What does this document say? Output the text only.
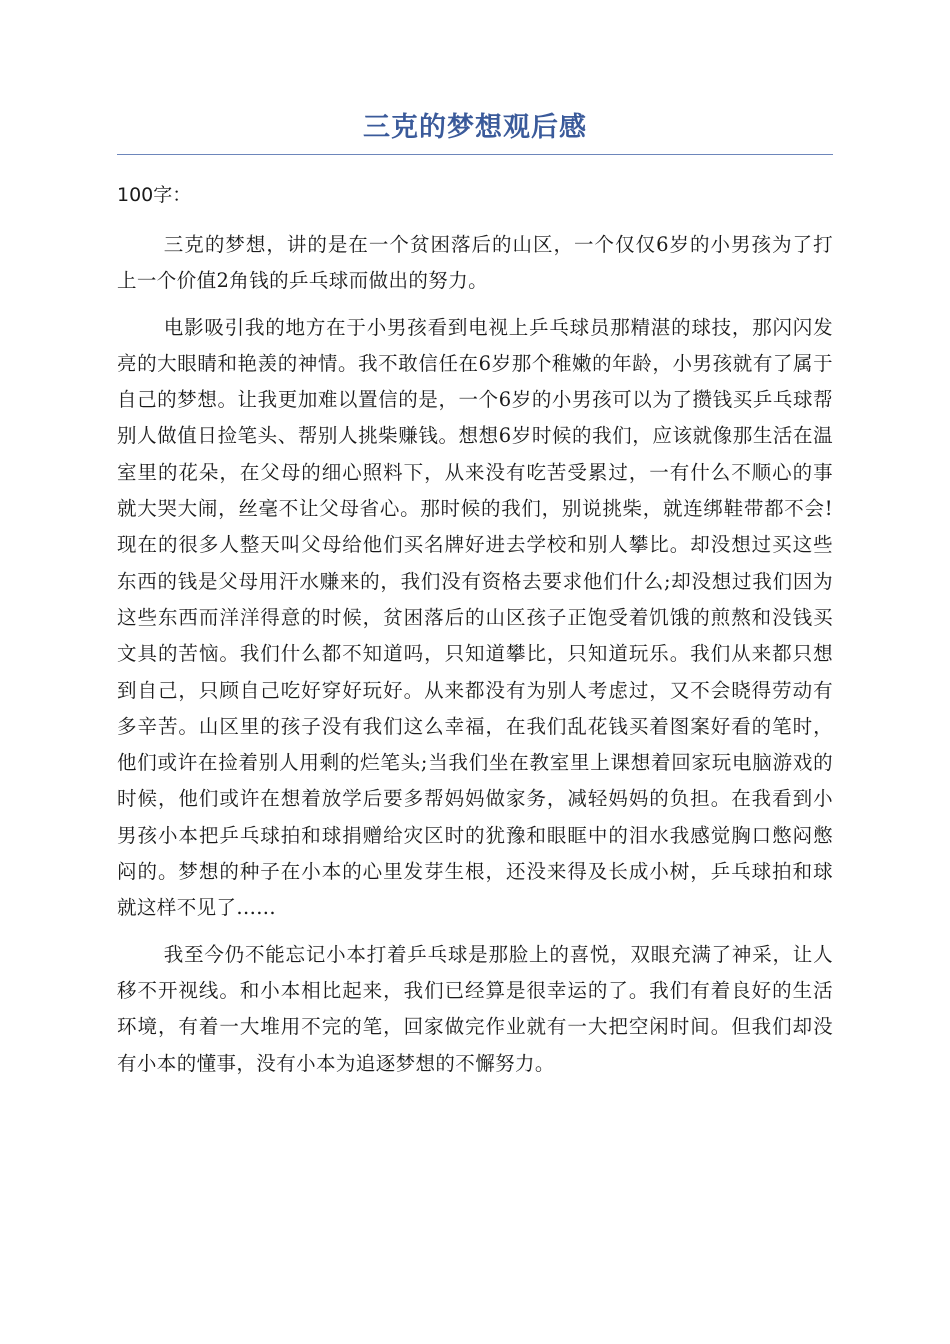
三克的梦想观后感

100字：

三克的梦想，讲的是在一个贫困落后的山区，一个仅仅6岁的小男孩为了打上一个价值2角钱的乒乓球而做出的努力。

电影吸引我的地方在于小男孩看到电视上乒乓球员那精湛的球技，那闪闪发亮的大眼睛和艳羡的神情。我不敢信任在6岁那个稚嫩的年龄，小男孩就有了属于自己的梦想。让我更加难以置信的是，一个6岁的小男孩可以为了攒钱买乒乓球帮别人做值日捡笔头、帮别人挑柴赚钱。想想6岁时候的我们，应该就像那生活在温室里的花朵，在父母的细心照料下，从来没有吃苦受累过，一有什么不顺心的事就大哭大闹，丝毫不让父母省心。那时候的我们，别说挑柴，就连绑鞋带都不会!现在的很多人整天叫父母给他们买名牌好进去学校和别人攀比。却没想过买这些东西的钱是父母用汗水赚来的，我们没有资格去要求他们什么;却没想过我们因为这些东西而洋洋得意的时候，贫困落后的山区孩子正饱受着饥饿的煎熬和没钱买文具的苦恼。我们什么都不知道吗，只知道攀比，只知道玩乐。我们从来都只想到自己，只顾自己吃好穿好玩好。从来都没有为别人考虑过，又不会晓得劳动有多辛苦。山区里的孩子没有我们这么幸福，在我们乱花钱买着图案好看的笔时，他们或许在捡着别人用剩的烂笔头;当我们坐在教室里上课想着回家玩电脑游戏的时候，他们或许在想着放学后要多帮妈妈做家务，减轻妈妈的负担。在我看到小男孩小本把乒乓球拍和球捐赠给灾区时的犹豫和眼眶中的泪水我感觉胸口憋闷憋闷的。梦想的种子在小本的心里发芽生根，还没来得及长成小树，乒乓球拍和球就这样不见了......

我至今仍不能忘记小本打着乒乓球是那脸上的喜悦，双眼充满了神采，让人移不开视线。和小本相比起来，我们已经算是很幸运的了。我们有着良好的生活环境，有着一大堆用不完的笔，回家做完作业就有一大把空闲时间。但我们却没有小本的懂事，没有小本为追逐梦想的不懈努力。
